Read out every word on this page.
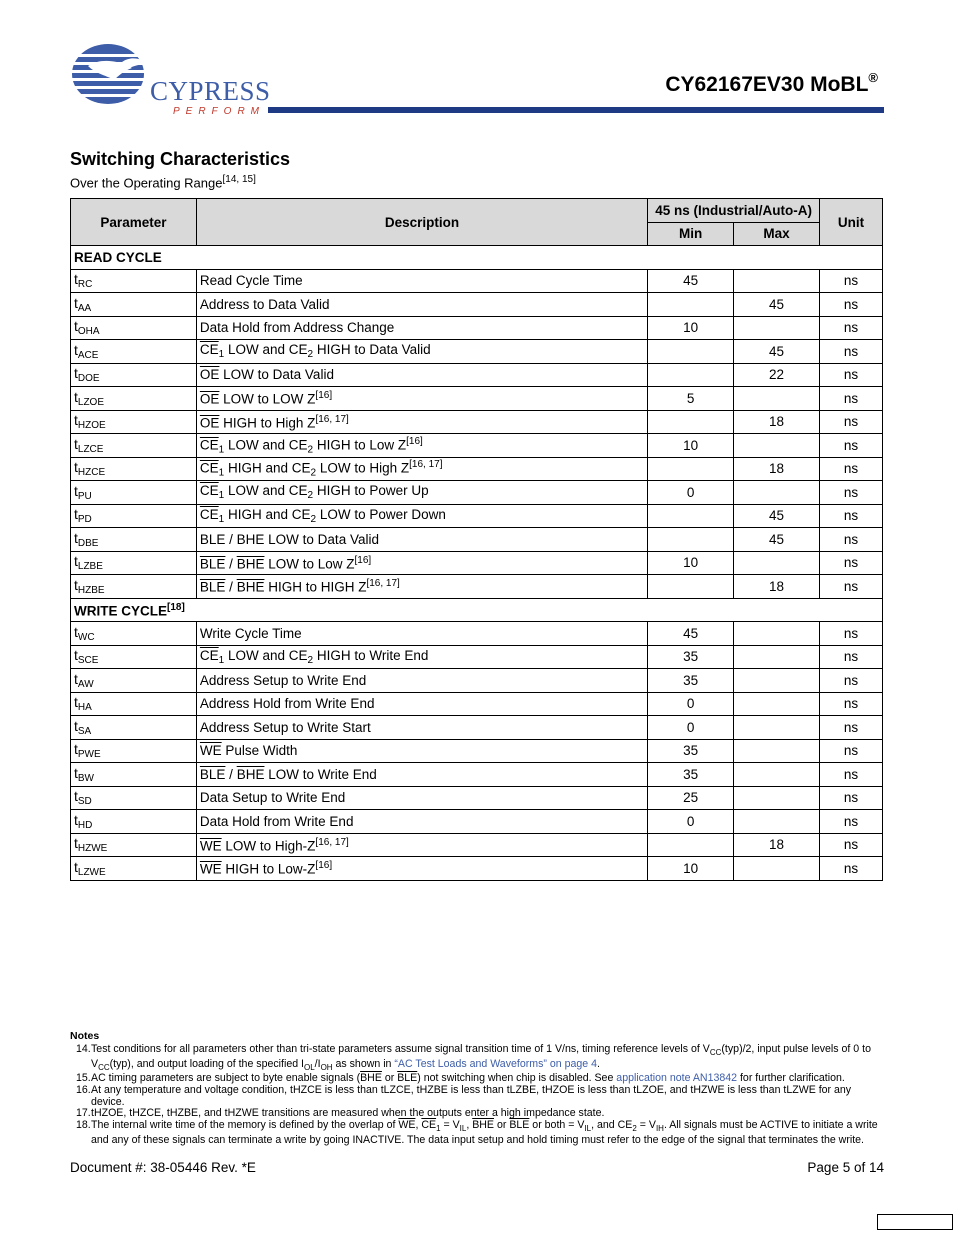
CYPRESS
PERFORM
CY62167EV30 MoBL®
Switching Characteristics
Over the Operating Range[14, 15]
Parameter	Description	45 ns (Industrial/Auto-A)		Unit
		Min	Max	
READ CYCLE				
$t_{RC}$	Read Cycle Time	45		ns
$t_{AA}$	Address to Data Valid		45	ns
$t_{OHA}$	Data Hold from Address Change	10		ns
$t_{ACE}$	$\overline{CE}_1$ LOW and $CE_2$ HIGH to Data Valid		45	ns
$t_{DOE}$	$\overline{OE}$ LOW to Data Valid		22	ns
$t_{LZOE}$	$\overline{OE}$ LOW to LOW Z[16]	5		ns
$t_{HZOE}$	$\overline{OE}$ HIGH to High Z[16, 17]		18	ns
$t_{LZCE}$	$\overline{CE}_1$ LOW and $CE_2$ HIGH to Low Z[16]	10		ns
$t_{HZCE}$	$\overline{CE}_1$ HIGH and $CE_2$ LOW to High Z[16, 17]		18	ns
$t_{PU}$	$\overline{CE}_1$ LOW and $CE_2$ HIGH to Power Up	0		ns
$t_{PD}$	$\overline{CE}_1$ HIGH and $CE_2$ LOW to Power Down		45	ns
$t_{DBE}$	BLE / BHE LOW to Data Valid		45	ns
$t_{LZBE}$	$\overline{BLE} / \overline{BHE}$ LOW to Low Z[16]	10		ns
$t_{HZBE}$	$\overline{BLE} / \overline{BHE}$ HIGH to HIGH Z[16, 17]		18	ns
WRITE CYCLE[18]
$t_{WC}$	Write Cycle Time	45		ns
$t_{SCE}$	$\overline{CE}_1$ LOW and $CE_2$ HIGH to Write End	35		ns
$t_{AW}$	Address Setup to Write End	35		ns
$t_{HA}$	Address Hold from Write End	0		ns
$t_{SA}$	Address Setup to Write Start	0		ns
$t_{PWE}$	$\overline{WE}$ Pulse Width	35		ns
$t_{BW}$	$\overline{BLE} / \overline{BHE}$ LOW to Write End	35		ns
$t_{SD}$	Data Setup to Write End	25		ns
$t_{HD}$	Data Hold from Write End	0		ns
$t_{HZWE}$	$\overline{WE}$ LOW to High-Z[16, 17]		18	ns
$t_{LZWE}$	$\overline{WE}$ HIGH to Low-Z[16]	10		ns
Notes
14. Test conditions for all parameters other than tri-state parameters assume signal transition time of 1 V/ns, timing reference levels of $V_{CC}(typ)/2$, input pulse levels of 0 to $V_{CC}(typ)$, and output loading of the specified $I_{OL}/I_{OH}$ as shown in “AC Test Loads and Waveforms” on page 4.
15. AC timing parameters are subject to byte enable signals ($\overline{BHE}$ or $\overline{BLE}$) not switching when chip is disabled. See application note AN13842 for further clarification.
16. At any temperature and voltage condition, tHZCE is less than tLZCE, tHZBE is less than tLZBE, tHZOE is less than tLZOE, and tHZWE is less than tLZWE for any device.
17. tHZOE, tHZCE, tHZBE, and tHZWE transitions are measured when the outputs enter a high impedance state.
18. The internal write time of the memory is defined by the overlap of $\overline{WE}$, $\overline{CE}_1 = V_{IL}$, $\overline{BHE}$ or $\overline{BLE}$ or both = $V_{IL}$, and $CE_2 = V_{IH}$. All signals must be ACTIVE to initiate a write and any of these signals can terminate a write by going INACTIVE. The data input setup and hold timing must refer to the edge of the signal that terminates the write.
Document #: 38-05446 Rev. *E	Page 5 of 14
